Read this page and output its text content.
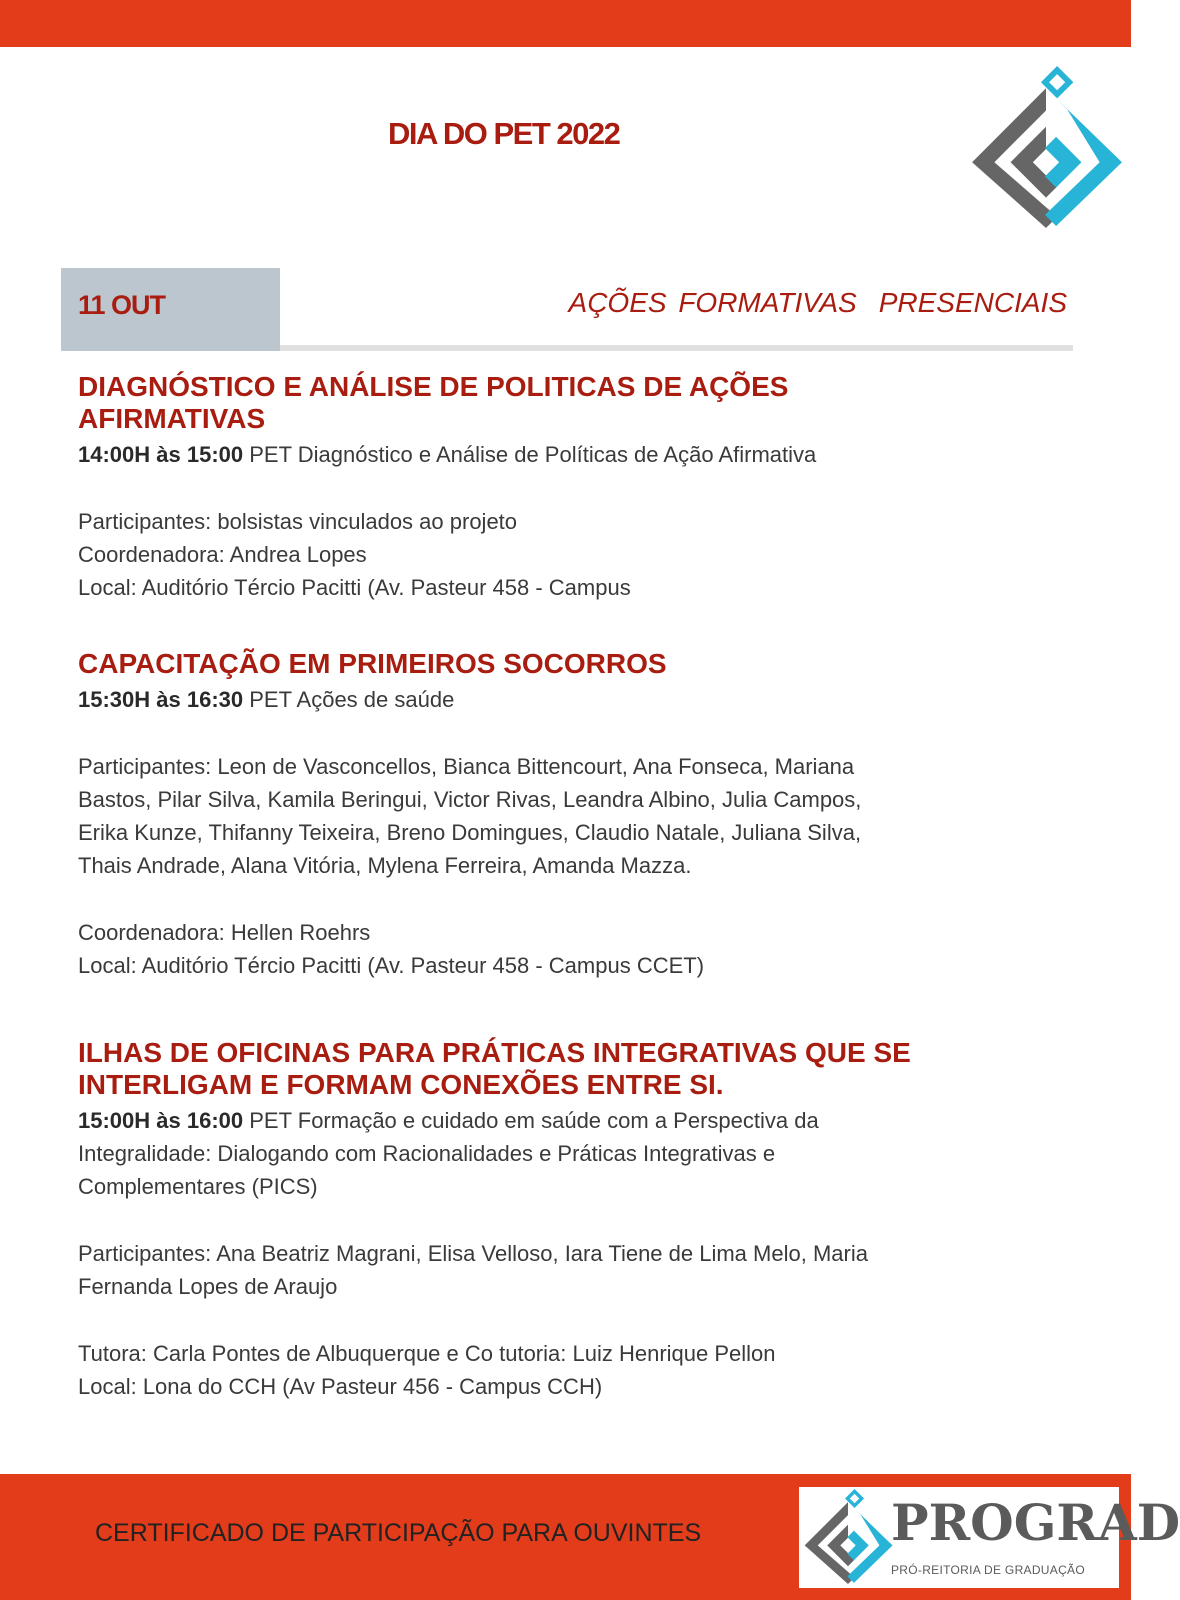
DIA DO PET 2022
11 OUT	AÇÕES FORMATIVAS PRESENCIAIS
DIAGNÓSTICO E ANÁLISE DE POLITICAS DE AÇÕES
AFIRMATIVAS
14:00H às 15:00 PET Diagnóstico e Análise de Políticas de Ação Afirmativa

Participantes: bolsistas vinculados ao projeto

Coordenadora: Andrea Lopes

Local: Auditório Tércio Pacitti (Av. Pasteur 458 - Campus

CAPACITAÇÃO EM PRIMEIROS SOCORROS
15:30H às 16:30 PET Ações de saúde

Participantes: Leon de Vasconcellos, Bianca Bittencourt, Ana Fonseca, Mariana

Bastos, Pilar Silva, Kamila Beringui, Victor Rivas, Leandra Albino, Julia Campos,

Erika Kunze, Thifanny Teixeira, Breno Domingues, Claudio Natale, Juliana Silva,

Thais Andrade, Alana Vitória, Mylena Ferreira, Amanda Mazza.

Coordenadora: Hellen Roehrs

Local: Auditório Tércio Pacitti (Av. Pasteur 458 - Campus CCET)

ILHAS DE OFICINAS PARA PRÁTICAS INTEGRATIVAS QUE SE
INTERLIGAM E FORMAM CONEXÕES ENTRE SI.
15:00H às 16:00 PET Formação e cuidado em saúde com a Perspectiva da

Integralidade: Dialogando com Racionalidades e Práticas Integrativas e

Complementares (PICS)

Participantes: Ana Beatriz Magrani, Elisa Velloso, Iara Tiene de Lima Melo, Maria

Fernanda Lopes de Araujo

Tutora: Carla Pontes de Albuquerque e Co tutoria: Luiz Henrique Pellon

Local: Lona do CCH (Av Pasteur 456 - Campus CCH)

CERTIFICADO DE PARTICIPAÇÃO PARA OUVINTES	PROGRAD
PRÓ-REITORIA DE GRADUAÇÃO
